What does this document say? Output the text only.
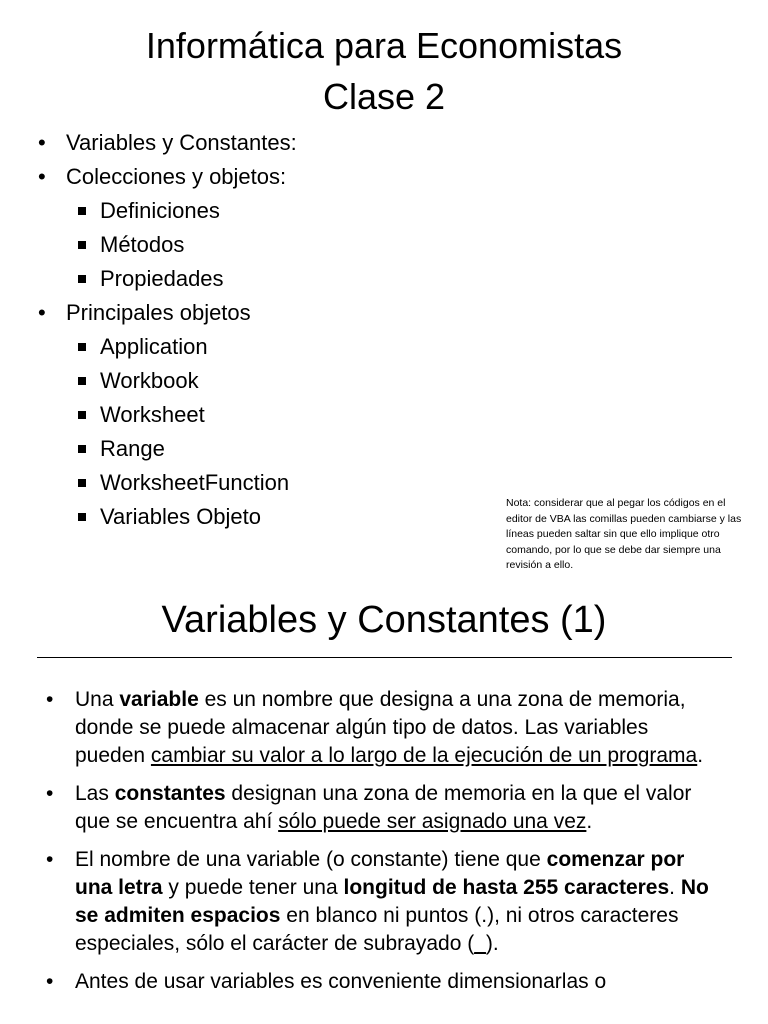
Informática para Economistas
Clase 2
• Variables y Constantes:
• Colecciones y objetos:
Definiciones
Métodos
Propiedades
• Principales objetos
Application
Workbook
Worksheet
Range
WorksheetFunction
Variables Objeto
Nota: considerar que al pegar los códigos en el editor de VBA las comillas pueden cambiarse y las líneas pueden saltar sin que ello implique otro comando, por lo que se debe dar siempre una revisión a ello.
Variables y Constantes (1)
• Una variable es un nombre que designa a una zona de memoria, donde se puede almacenar algún tipo de datos. Las variables pueden cambiar su valor a lo largo de la ejecución de un programa.
• Las constantes designan una zona de memoria en la que el valor que se encuentra ahí sólo puede ser asignado una vez.
• El nombre de una variable (o constante) tiene que comenzar por una letra y puede tener una longitud de hasta 255 caracteres. No se admiten espacios en blanco ni puntos (.), ni otros caracteres especiales, sólo el carácter de subrayado (_).
• Antes de usar variables es conveniente dimensionarlas o
